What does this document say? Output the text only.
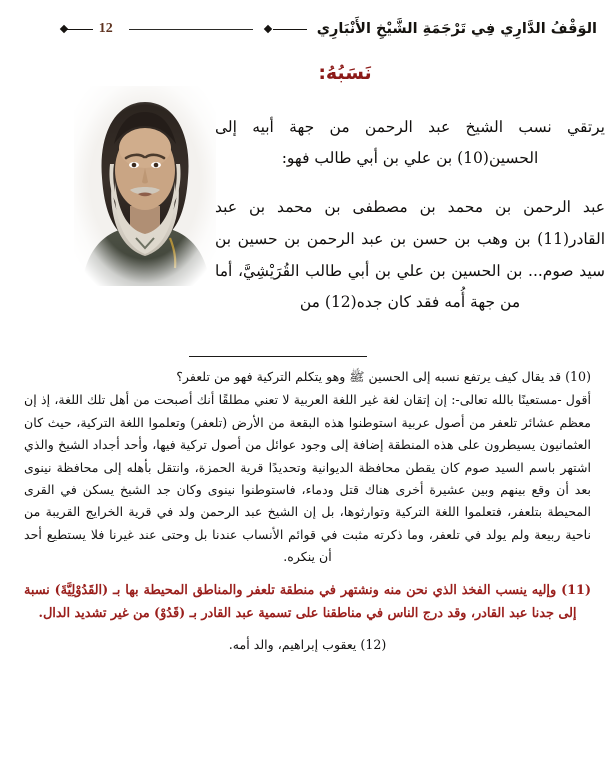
الوَقْفُ الدَّارِي فِي تَرْجَمَةِ الشَّيْخِ الأَنْبَارِي
12
نَسَبُهُ:
يرتقي نسب الشيخ عبد الرحمن من جهة أبيه إلى الحسين(10) بن علي بن أبي طالب فهو:
عبد الرحمن بن محمد بن مصطفى بن محمد بن عبد القادر(11) بن وهب بن حسن بن عبد الرحمن بن حسين بن سيد صوم... بن الحسين بن علي بن أبي طالب القُرَيْشِيَّ، أما من جهة أُمه فقد كان جده(12) من
(10) قد يقال كيف يرتفع نسبه إلى الحسين ﷺ وهو يتكلم التركية فهو من تلعفر؟
أقول -مستعينًا بالله تعالى-: إن إتقان لغة غير اللغة العربية لا تعني مطلقًا أنك أصبحت من أهل تلك اللغة، إذ إن معظم عشائر تلعفر من أصول عربية استوطنوا هذه البقعة من الأرض (تلعفر) وتعلموا اللغة التركية، حيث كان العثمانيون يسيطرون على هذه المنطقة إضافة إلى وجود عوائل من أصول تركية فيها، وأحد أجداد الشيخ والذي اشتهر باسم السيد صوم كان يقطن محافظة الديوانية وتحديدًا قرية الحمزة، وانتقل بأهله إلى محافظة نينوى بعد أن وقع بينهم وبين عشيرة أخرى هناك قتل ودماء، فاستوطنوا نينوى وكان جد الشيخ يسكن في القرى المحيطة بتلعفر، فتعلموا اللغة التركية وتوارثوها، بل إن الشيخ عبد الرحمن ولد في قرية الخرايج القريبة من ناحية ربيعة ولم يولد في تلعفر، وما ذكرته مثبت في قوائم الأنساب عندنا بل وحتى عند غيرنا فلا يستطيع أحد أن ينكره.
(11) وإليه ينسب الفخذ الذي نحن منه ونشتهر في منطقة تلعفر والمناطق المحيطة بها بـ (القَدُوْلِيَّةَ) نسبة إلى جدنا عبد القادر، وقد درج الناس في مناطقنا على تسمية عبد القادر بـ (قَدُوْ) من غير تشديد الدال.
(12) يعقوب إبراهيم، والد أمه.
